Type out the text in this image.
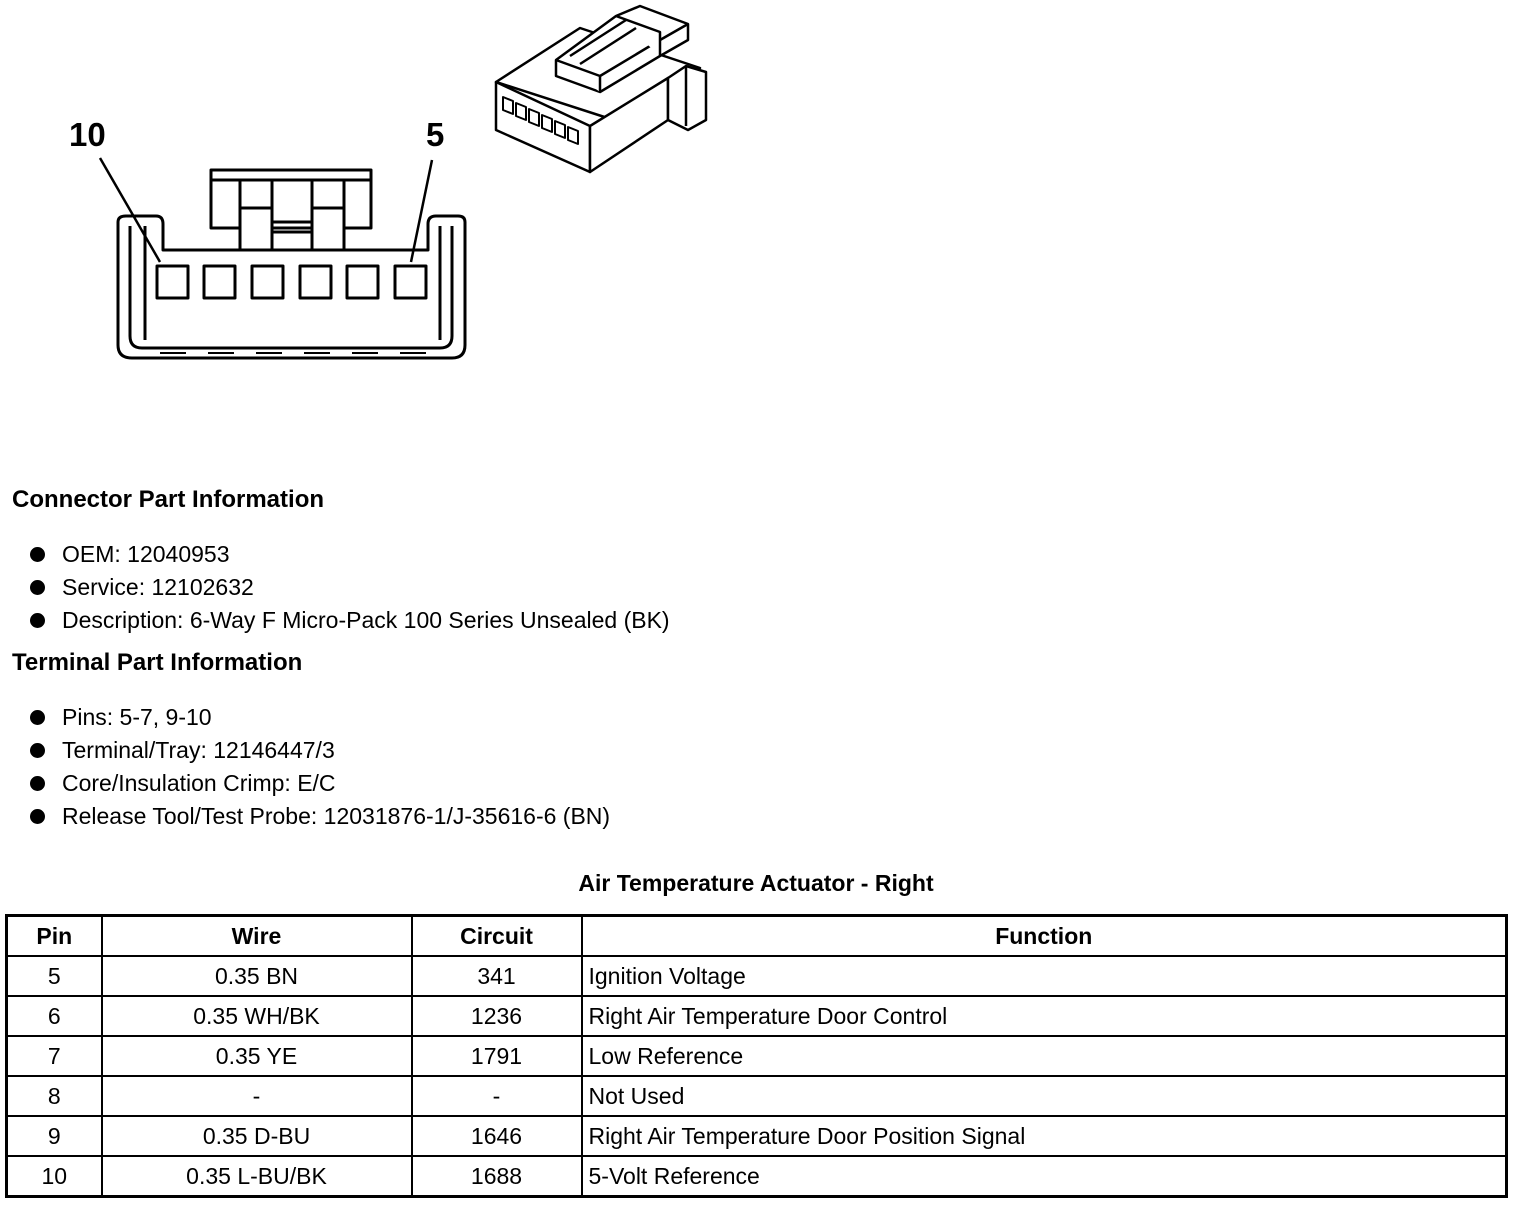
10	5
Connector Part Information
OEM: 12040953
Service: 12102632
Description: 6-Way F Micro-Pack 100 Series Unsealed (BK)
Terminal Part Information
Pins: 5-7, 9-10
Terminal/Tray: 12146447/3
Core/Insulation Crimp: E/C
Release Tool/Test Probe: 12031876-1/J-35616-6 (BN)
Air Temperature Actuator - Right
Pin	Wire	Circuit	Function
5	0.35 BN	341	Ignition Voltage
6	0.35 WH/BK	1236	Right Air Temperature Door Control
7	0.35 YE	1791	Low Reference
8	-	-	Not Used
9	0.35 D-BU	1646	Right Air Temperature Door Position Signal
10	0.35 L-BU/BK	1688	5-Volt Reference
